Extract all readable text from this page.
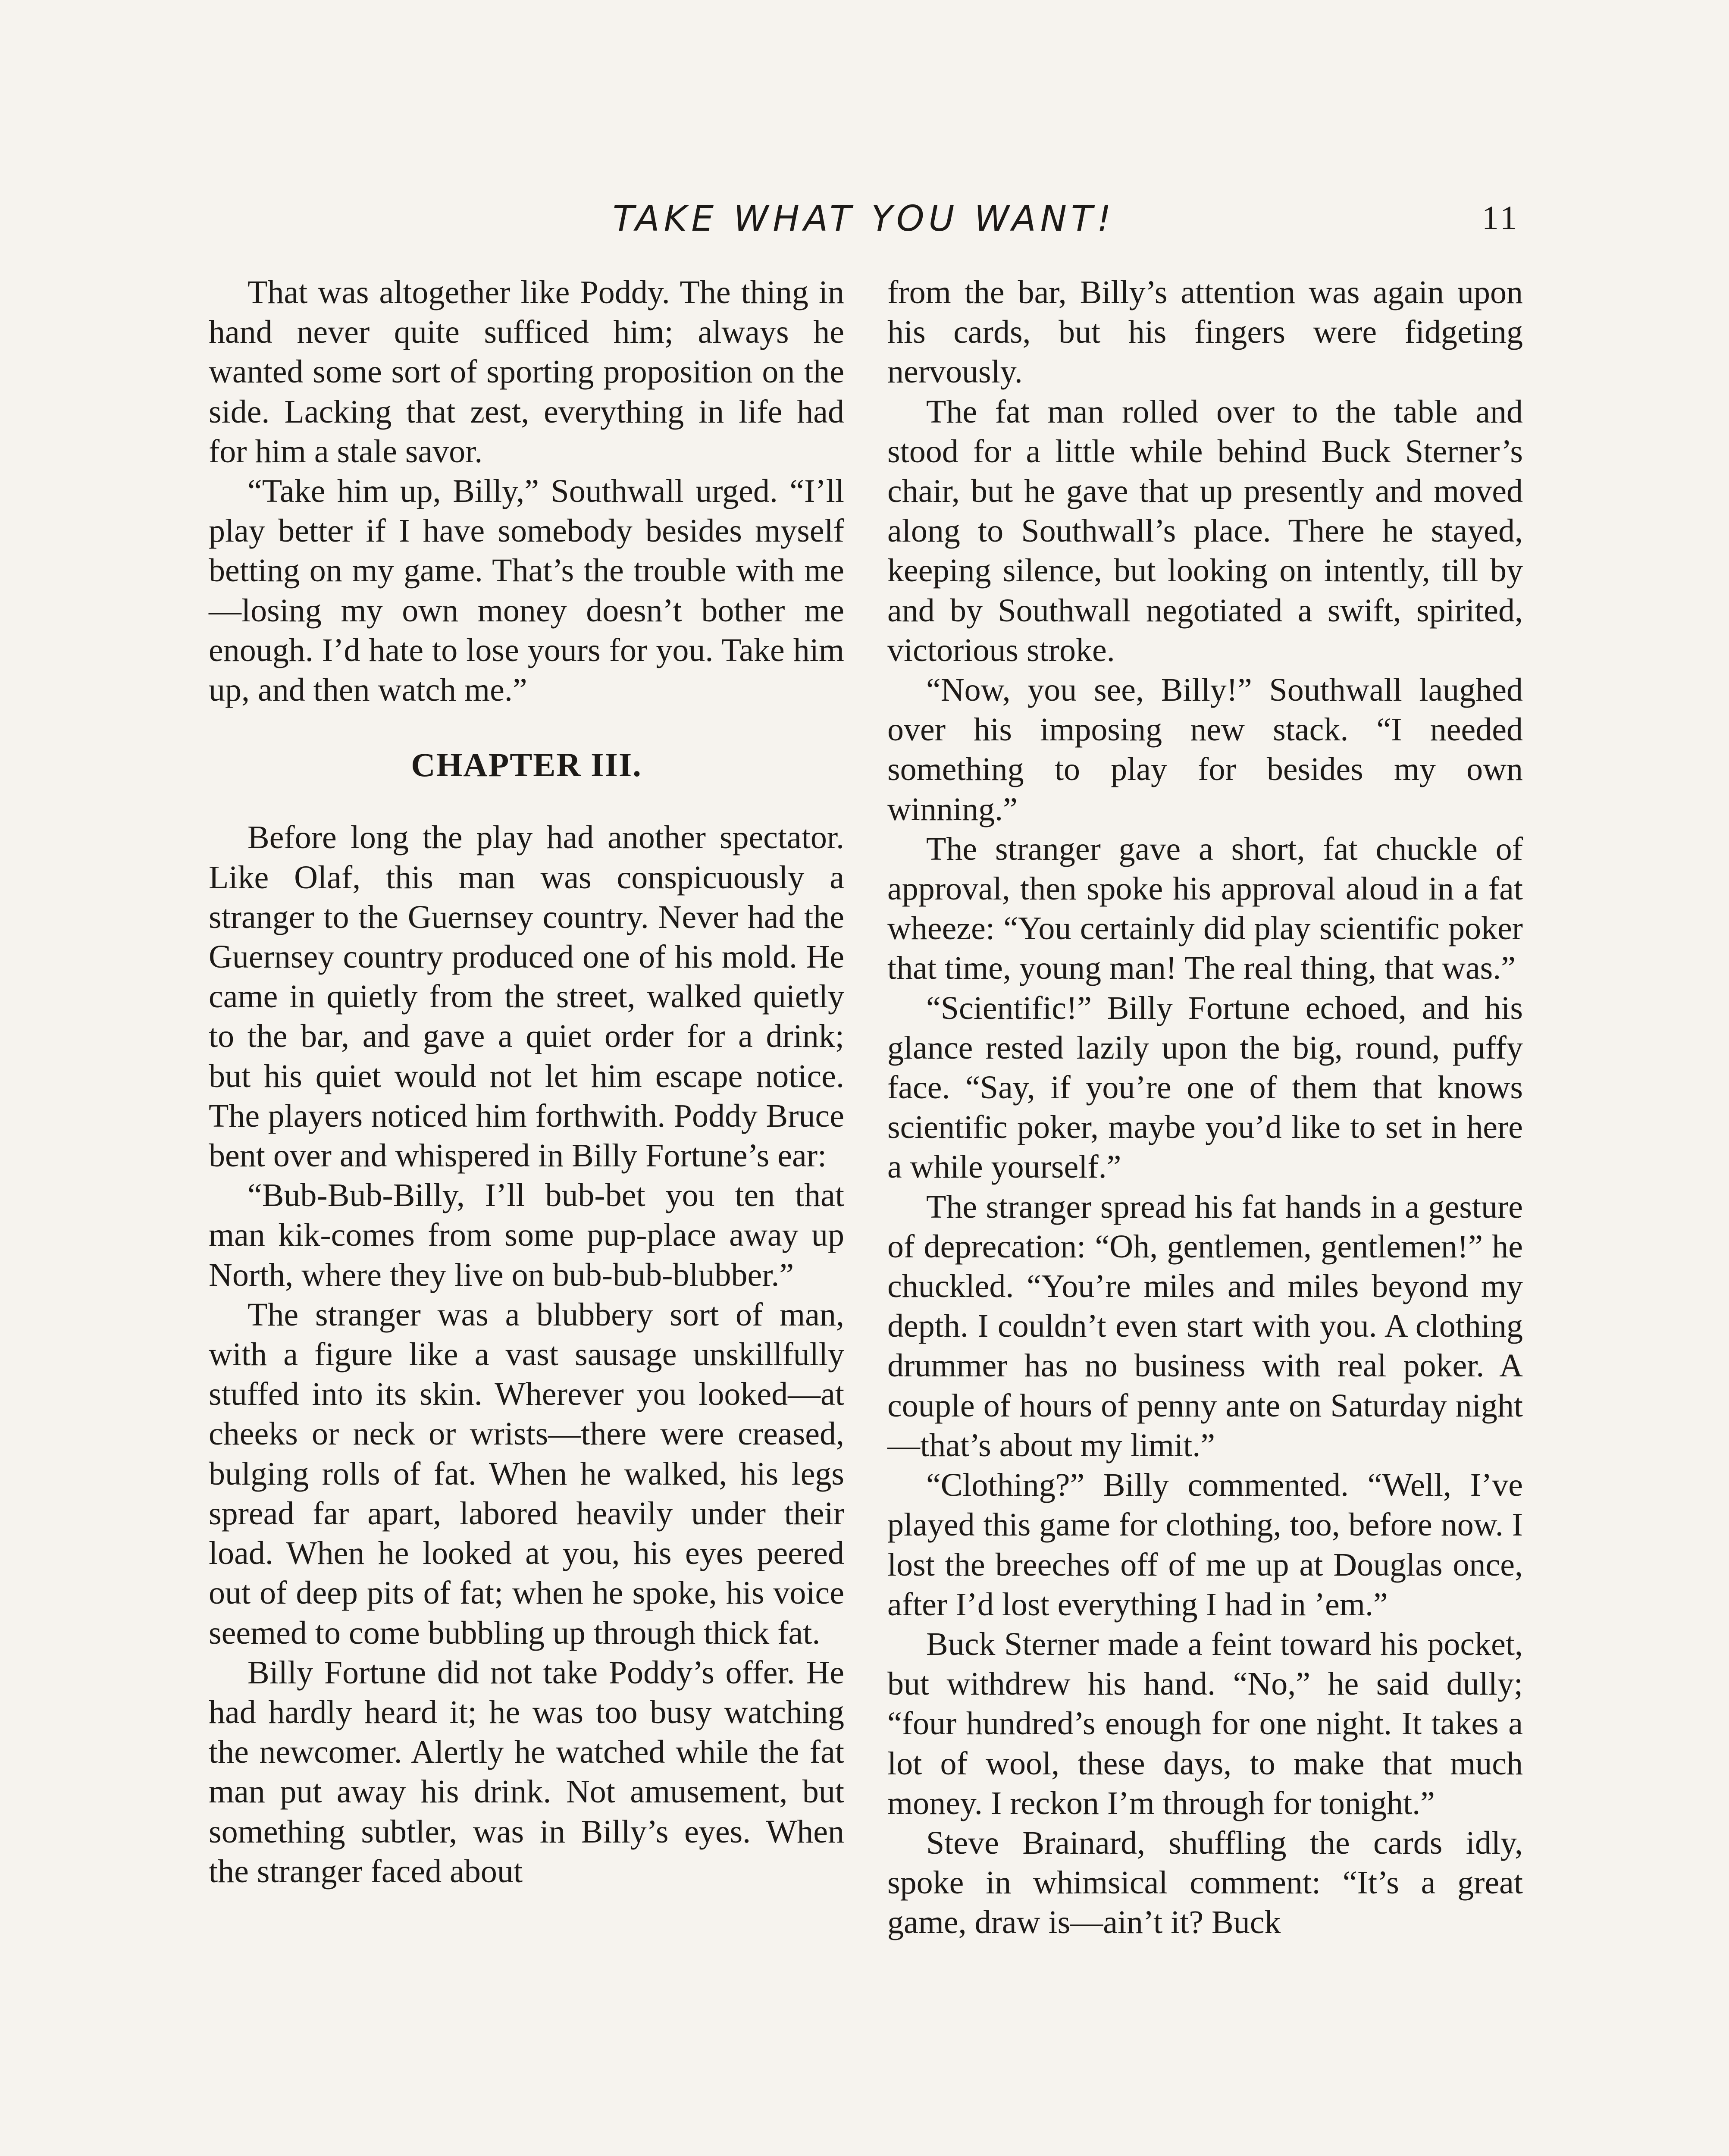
TAKE WHAT YOU WANT!	11

That was altogether like Poddy. The thing in hand never quite sufficed him; always he wanted some sort of sporting proposition on the side. Lacking that zest, everything in life had for him a stale savor.

“Take him up, Billy,” Southwall urged. “I’ll play better if I have somebody besides myself betting on my game. That’s the trouble with me—losing my own money doesn’t bother me enough. I’d hate to lose yours for you. Take him up, and then watch me.”

CHAPTER III.

Before long the play had another spectator. Like Olaf, this man was conspicuously a stranger to the Guernsey country. Never had the Guernsey country produced one of his mold. He came in quietly from the street, walked quietly to the bar, and gave a quiet order for a drink; but his quiet would not let him escape notice. The players noticed him forthwith. Poddy Bruce bent over and whispered in Billy Fortune’s ear:

“Bub-Bub-Billy, I’ll bub-bet you ten that man kik-comes from some pup-place away up North, where they live on bub-bub-blubber.”

The stranger was a blubbery sort of man, with a figure like a vast sausage unskillfully stuffed into its skin. Wherever you looked—at cheeks or neck or wrists—there were creased, bulging rolls of fat. When he walked, his legs spread far apart, labored heavily under their load. When he looked at you, his eyes peered out of deep pits of fat; when he spoke, his voice seemed to come bubbling up through thick fat.

Billy Fortune did not take Poddy’s offer. He had hardly heard it; he was too busy watching the newcomer. Alertly he watched while the fat man put away his drink. Not amusement, but something subtler, was in Billy’s eyes. When the stranger faced about

from the bar, Billy’s attention was again upon his cards, but his fingers were fidgeting nervously.

The fat man rolled over to the table and stood for a little while behind Buck Sterner’s chair, but he gave that up presently and moved along to Southwall’s place. There he stayed, keeping silence, but looking on intently, till by and by Southwall negotiated a swift, spirited, victorious stroke.

“Now, you see, Billy!” Southwall laughed over his imposing new stack. “I needed something to play for besides my own winning.”

The stranger gave a short, fat chuckle of approval, then spoke his approval aloud in a fat wheeze: “You certainly did play scientific poker that time, young man! The real thing, that was.”

“Scientific!” Billy Fortune echoed, and his glance rested lazily upon the big, round, puffy face. “Say, if you’re one of them that knows scientific poker, maybe you’d like to set in here a while yourself.”

The stranger spread his fat hands in a gesture of deprecation: “Oh, gentlemen, gentlemen!” he chuckled. “You’re miles and miles beyond my depth. I couldn’t even start with you. A clothing drummer has no business with real poker. A couple of hours of penny ante on Saturday night—that’s about my limit.”

“Clothing?” Billy commented. “Well, I’ve played this game for clothing, too, before now. I lost the breeches off of me up at Douglas once, after I’d lost everything I had in ’em.”

Buck Sterner made a feint toward his pocket, but withdrew his hand. “No,” he said dully; “four hundred’s enough for one night. It takes a lot of wool, these days, to make that much money. I reckon I’m through for tonight.”

Steve Brainard, shuffling the cards idly, spoke in whimsical comment: “It’s a great game, draw is—ain’t it? Buck
